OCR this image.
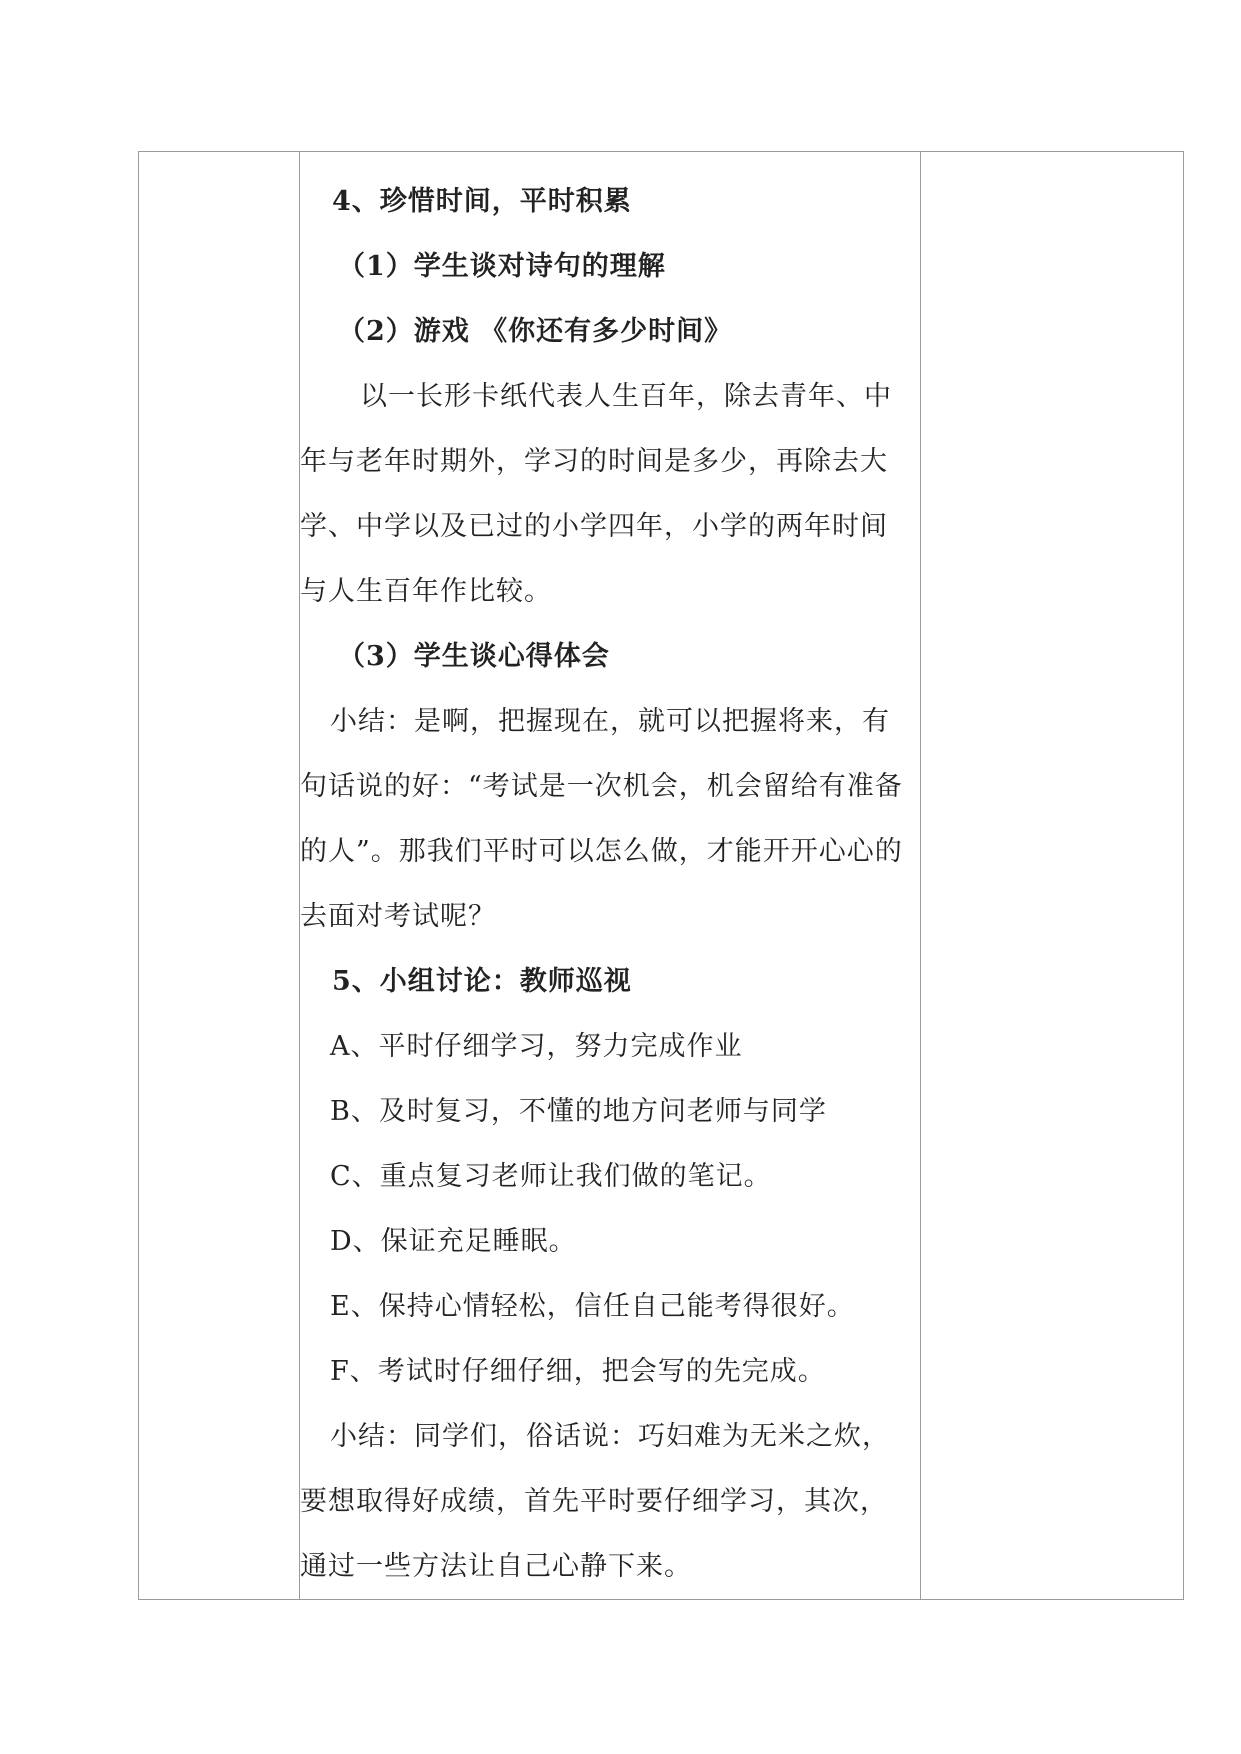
4、珍惜时间，平时积累
（1）学生谈对诗句的理解
（2）游戏 《你还有多少时间》
以一长形卡纸代表人生百年，除去青年、中
年与老年时期外，学习的时间是多少，再除去大
学、中学以及已过的小学四年，小学的两年时间
与人生百年作比较。
（3）学生谈心得体会
小结：是啊，把握现在，就可以把握将来，有
句话说的好：“考试是一次机会，机会留给有准备
的人”。那我们平时可以怎么做，才能开开心心的
去面对考试呢？
5、小组讨论：教师巡视
A、平时仔细学习，努力完成作业
B、及时复习，不懂的地方问老师与同学
C、重点复习老师让我们做的笔记。
D、保证充足睡眠。
E、保持心情轻松，信任自己能考得很好。
F、考试时仔细仔细，把会写的先完成。
小结：同学们，俗话说：巧妇难为无米之炊，
要想取得好成绩，首先平时要仔细学习，其次，
通过一些方法让自己心静下来。
